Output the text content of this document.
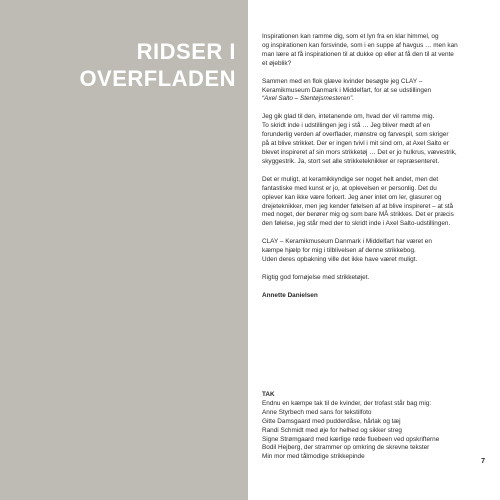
RIDSER I
OVERFLADEN

Inspirationen kan ramme dig, som et lyn fra en klar himmel, og
og inspirationen kan forsvinde, som i en suppe af havgus … men kan
man lære at få inspirationen til at dukke op eller at få den til at vente
et øjeblik?

Sammen med en flok glæve kvinder besøgte jeg CLAY –
Keramikmuseum Danmark i Middelfart, for at se udstillingen
“Axel Salto – Stentøjsmesteren”.

Jeg gik glad til den, intetanende om, hvad der vil ramme mig.
To skridt inde i udstillingen jeg i stå … Jeg bliver mødt af en
forunderlig verden af overflader, mønstre og farvespil, som skriger
på at blive strikket. Der er ingen tvivl i mit sind om, at Axel Salto er
blevet inspireret af sin mors strikketøj … Det er jo hulkrus, vævestrik,
skyggestrik. Ja, stort set alle strikketeknikker er repræsenteret.

Det er muligt, at keramikkyndige ser noget helt andet, men det
fantastiske med kunst er jo, at oplevelsen er personlig. Det du
oplever kan ikke være forkert. Jeg aner intet om ler, glasurer og
drejeteknikker, men jeg kender følelsen af at blive inspireret – at stå
med noget, der berører mig og som bare MÅ strikkes. Det er præcis
den følelse, jeg står med der to skridt inde i Axel Salto-udstillingen.

CLAY – Keramikmuseum Danmark i Middelfart har været en
kæmpe hjælp for mig i tilblivelsen af denne strikkebog.
Uden deres opbakning ville det ikke have været muligt.

Rigtig god fornøjelse med strikketøjet.

Annette Danielsen

TAK
Endnu en kæmpe tak til de kvinder, der trofast står bag mig:
Anne Styrbech med sans for tekstilfoto
Gitte Damsgaard med pudderdåse, hårlak og tæj
Randi Schmidt med øje for helhed og sikker streg
Signe Strømgaard med kærlige røde fluebeen ved opskrifterne
Bodil Hejberg, der strammer op omkring de skrevne tekster
Min mor med tålmodige strikkepinde
7
